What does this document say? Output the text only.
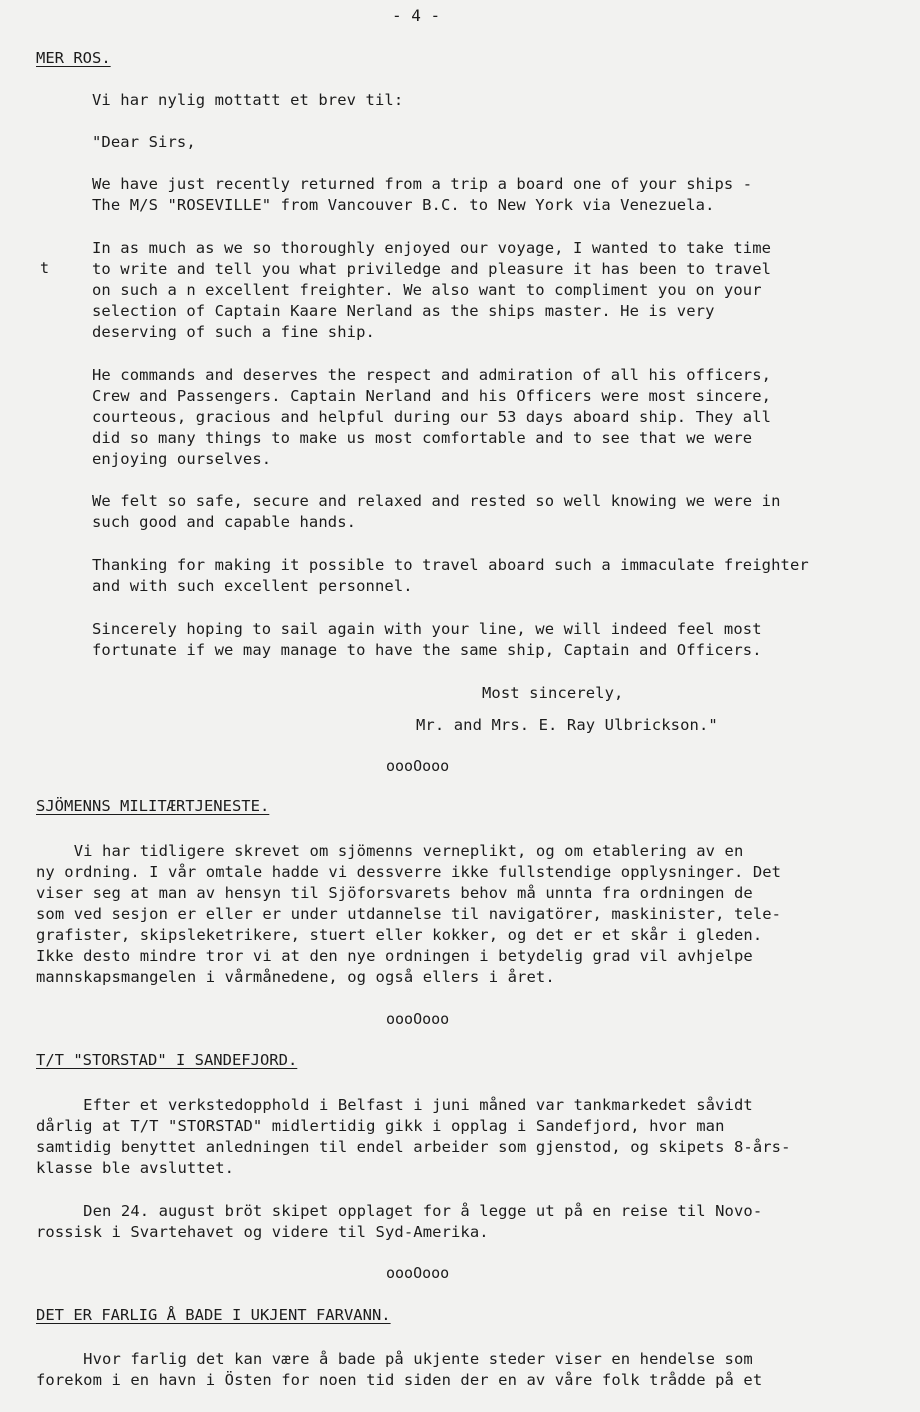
- 4 -
MER ROS.
Vi har nylig mottatt et brev til:
"Dear Sirs,
We have just recently returned from a trip a board one of your ships -
The M/S "ROSEVILLE" from Vancouver B.C. to New York via Venezuela.
t
In as much as we so thoroughly enjoyed our voyage, I wanted to take time
to write and tell you what priviledge and pleasure it has been to travel
on such a n excellent freighter. We also want to compliment you on your
selection of Captain Kaare Nerland as the ships master. He is very
deserving of such a fine ship.
He commands and deserves the respect and admiration of all his officers,
Crew and Passengers. Captain Nerland and his Officers were most sincere,
courteous, gracious and helpful during our 53 days aboard ship. They all
did so many things to make us most comfortable and to see that we were
enjoying ourselves.
We felt so safe, secure and relaxed and rested so well knowing we were in
such good and capable hands.
Thanking for making it possible to travel aboard such a immaculate freighter
and with such excellent personnel.
Sincerely hoping to sail again with your line, we will indeed feel most
fortunate if we may manage to have the same ship, Captain and Officers.
Most sincerely,
Mr. and Mrs. E. Ray Ulbrickson."
oooOooo
SJÖMENNS MILITÆRTJENESTE.
Vi har tidligere skrevet om sjömenns verneplikt, og om etablering av en
ny ordning. I vår omtale hadde vi dessverre ikke fullstendige opplysninger. Det
viser seg at man av hensyn til Sjöforsvarets behov må unnta fra ordningen de
som ved sesjon er eller er under utdannelse til navigatörer, maskinister, tele-
grafister, skipsleketrikere, stuert eller kokker, og det er et skår i gleden.
Ikke desto mindre tror vi at den nye ordningen i betydelig grad vil avhjelpe
mannskapsmangelen i vårmånedene, og også ellers i året.
oooOooo
T/T "STORSTAD" I SANDEFJORD.
Efter et verkstedopphold i Belfast i juni måned var tankmarkedet såvidt
dårlig at T/T "STORSTAD" midlertidig gikk i opplag i Sandefjord, hvor man
samtidig benyttet anledningen til endel arbeider som gjenstod, og skipets 8-års-
klasse ble avsluttet.
Den 24. august bröt skipet opplaget for å legge ut på en reise til Novo-
rossisk i Svartehavet og videre til Syd-Amerika.
oooOooo
DET ER FARLIG Å BADE I UKJENT FARVANN.
Hvor farlig det kan være å bade på ukjente steder viser en hendelse som
forekom i en havn i Östen for noen tid siden der en av våre folk trådde på et
